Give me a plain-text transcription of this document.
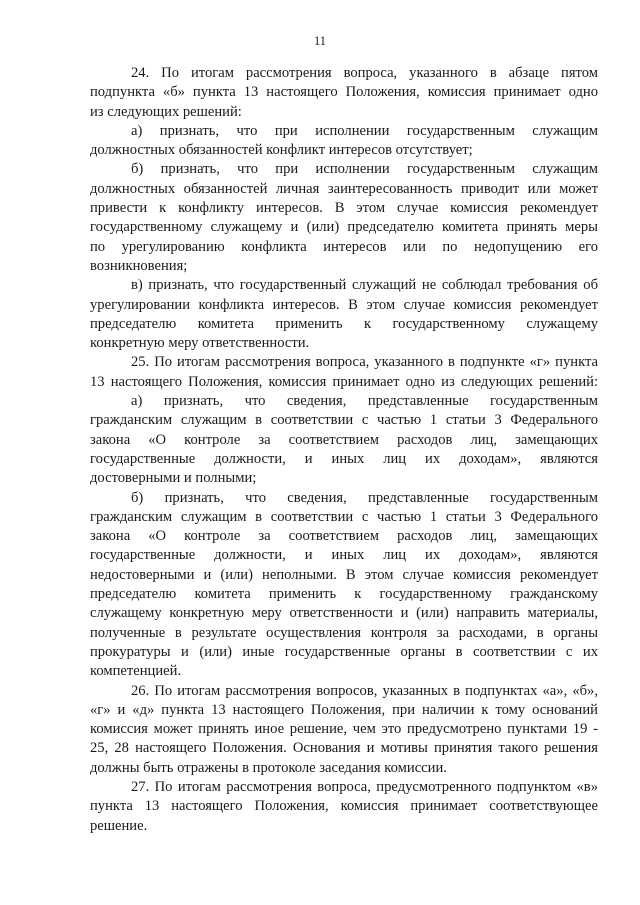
11
24. По итогам рассмотрения вопроса, указанного в абзаце пятом
подпункта «б» пункта 13 настоящего Положения, комиссия принимает одно
из следующих решений:
а) признать, что при исполнении государственным служащим
должностных обязанностей конфликт интересов отсутствует;
б) признать, что при исполнении государственным служащим
должностных обязанностей личная заинтересованность приводит или может
привести к конфликту интересов. В этом случае комиссия рекомендует
государственному служащему и (или) председателю комитета принять меры
по урегулированию конфликта интересов или по недопущению его
возникновения;
в) признать, что государственный служащий не соблюдал требования об
урегулировании конфликта интересов. В этом случае комиссия рекомендует
председателю комитета применить к государственному служащему
конкретную меру ответственности.
25. По итогам рассмотрения вопроса, указанного в подпункте «г» пункта
13 настоящего Положения, комиссия принимает одно из следующих решений:
а) признать, что сведения, представленные государственным
гражданским служащим в соответствии с частью 1 статьи 3 Федерального
закона «О контроле за соответствием расходов лиц, замещающих
государственные должности, и иных лиц их доходам», являются
достоверными и полными;
б) признать, что сведения, представленные государственным
гражданским служащим в соответствии с частью 1 статьи 3 Федерального
закона «О контроле за соответствием расходов лиц, замещающих
государственные должности, и иных лиц их доходам», являются
недостоверными и (или) неполными. В этом случае комиссия рекомендует
председателю комитета применить к государственному гражданскому
служащему конкретную меру ответственности и (или) направить материалы,
полученные в результате осуществления контроля за расходами, в органы
прокуратуры и (или) иные государственные органы в соответствии с их
компетенцией.
26. По итогам рассмотрения вопросов, указанных в подпунктах «а», «б»,
«г» и «д» пункта 13 настоящего Положения, при наличии к тому оснований
комиссия может принять иное решение, чем это предусмотрено пунктами 19 -
25, 28 настоящего Положения. Основания и мотивы принятия такого решения
должны быть отражены в протоколе заседания комиссии.
27. По итогам рассмотрения вопроса, предусмотренного подпунктом «в»
пункта 13 настоящего Положения, комиссия принимает соответствующее
решение.
